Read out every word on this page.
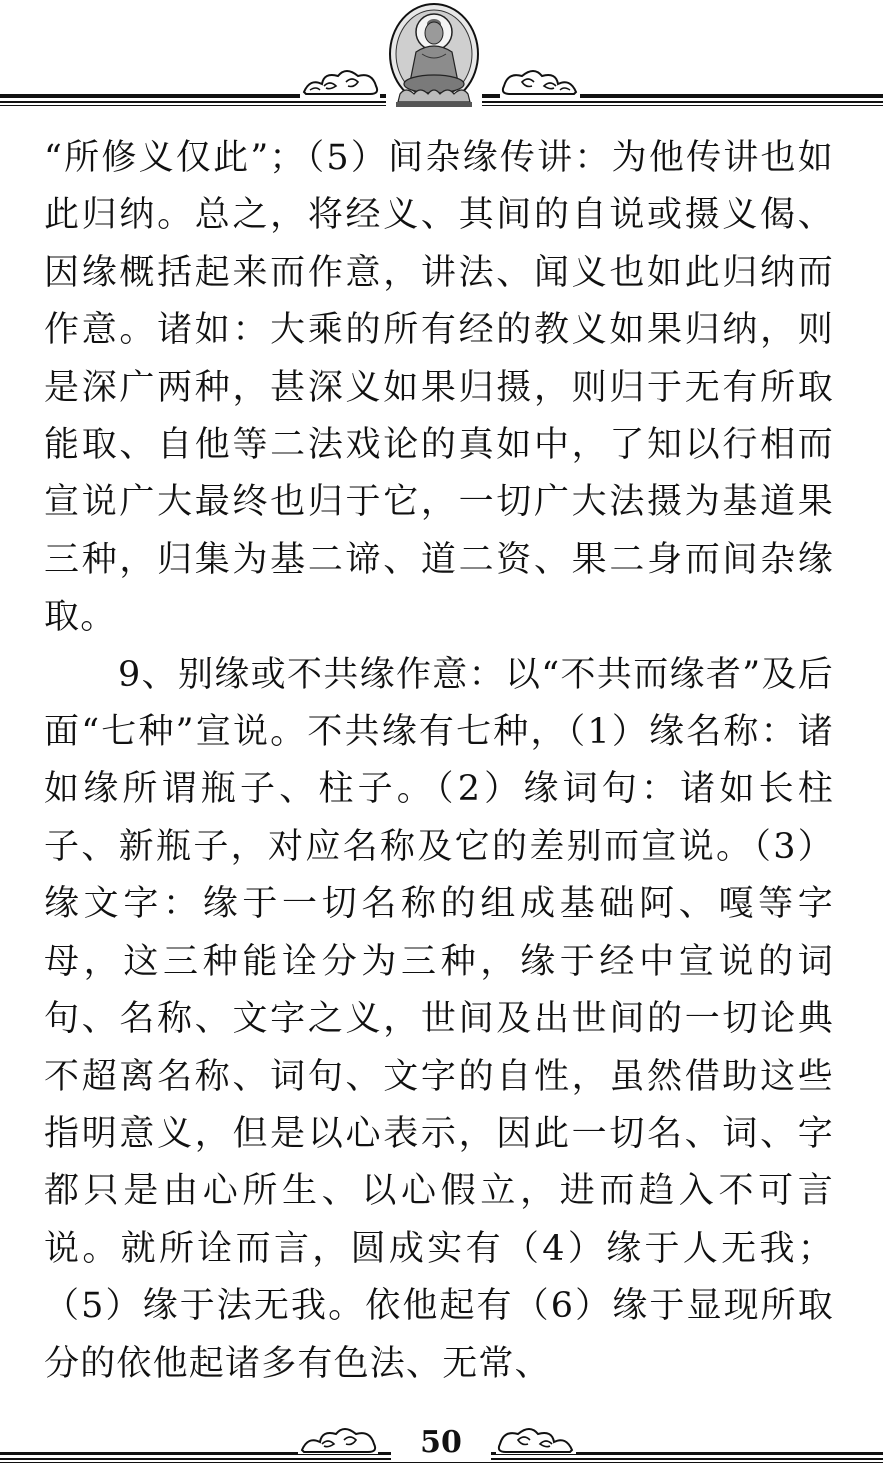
“所修义仅此”；（5）间杂缘传讲：为他传讲也如此归纳。总之，将经义、其间的自说或摄义偈、因缘概括起来而作意，讲法、闻义也如此归纳而作意。诸如：大乘的所有经的教义如果归纳，则是深广两种，甚深义如果归摄，则归于无有所取能取、自他等二法戏论的真如中，了知以行相而宣说广大最终也归于它，一切广大法摄为基道果三种，归集为基二谛、道二资、果二身而间杂缘取。

9、别缘或不共缘作意：以“不共而缘者”及后面“七种”宣说。不共缘有七种，（1）缘名称：诸如缘所谓瓶子、柱子。（2）缘词句：诸如长柱子、新瓶子，对应名称及它的差别而宣说。（3）缘文字：缘于一切名称的组成基础阿、嘎等字母，这三种能诠分为三种，缘于经中宣说的词句、名称、文字之义，世间及出世间的一切论典不超离名称、词句、文字的自性，虽然借助这些指明意义，但是以心表示，因此一切名、词、字都只是由心所生、以心假立，进而趋入不可言说。就所诠而言，圆成实有（4）缘于人无我；（5）缘于法无我。依他起有（6）缘于显现所取分的依他起诸多有色法、无常、

50
